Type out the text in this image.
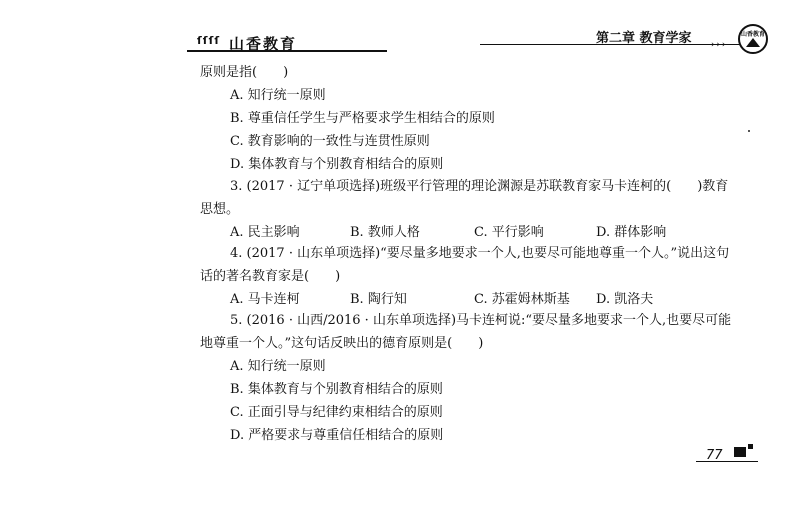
ſſſſ 山香教育	第二章 教育学家 ›››
山香教育
原则是指(　　)
A. 知行统一原则
B. 尊重信任学生与严格要求学生相结合的原则
C. 教育影响的一致性与连贯性原则
D. 集体教育与个别教育相结合的原则
3. (2017 · 辽宁单项选择)班级平行管理的理论渊源是苏联教育家马卡连柯的(　　)教育
思想。
A. 民主影响	B. 教师人格	C. 平行影响	D. 群体影响
4. (2017 · 山东单项选择)“要尽量多地要求一个人,也要尽可能地尊重一个人。”说出这句
话的著名教育家是(　　)
A. 马卡连柯	B. 陶行知	C. 苏霍姆林斯基 D. 凯洛夫
5. (2016 · 山西/2016 · 山东单项选择)马卡连柯说:“要尽量多地要求一个人,也要尽可能
地尊重一个人。”这句话反映出的德育原则是(　　)
A. 知行统一原则
B. 集体教育与个别教育相结合的原则
C. 正面引导与纪律约束相结合的原则
D. 严格要求与尊重信任相结合的原则
77
